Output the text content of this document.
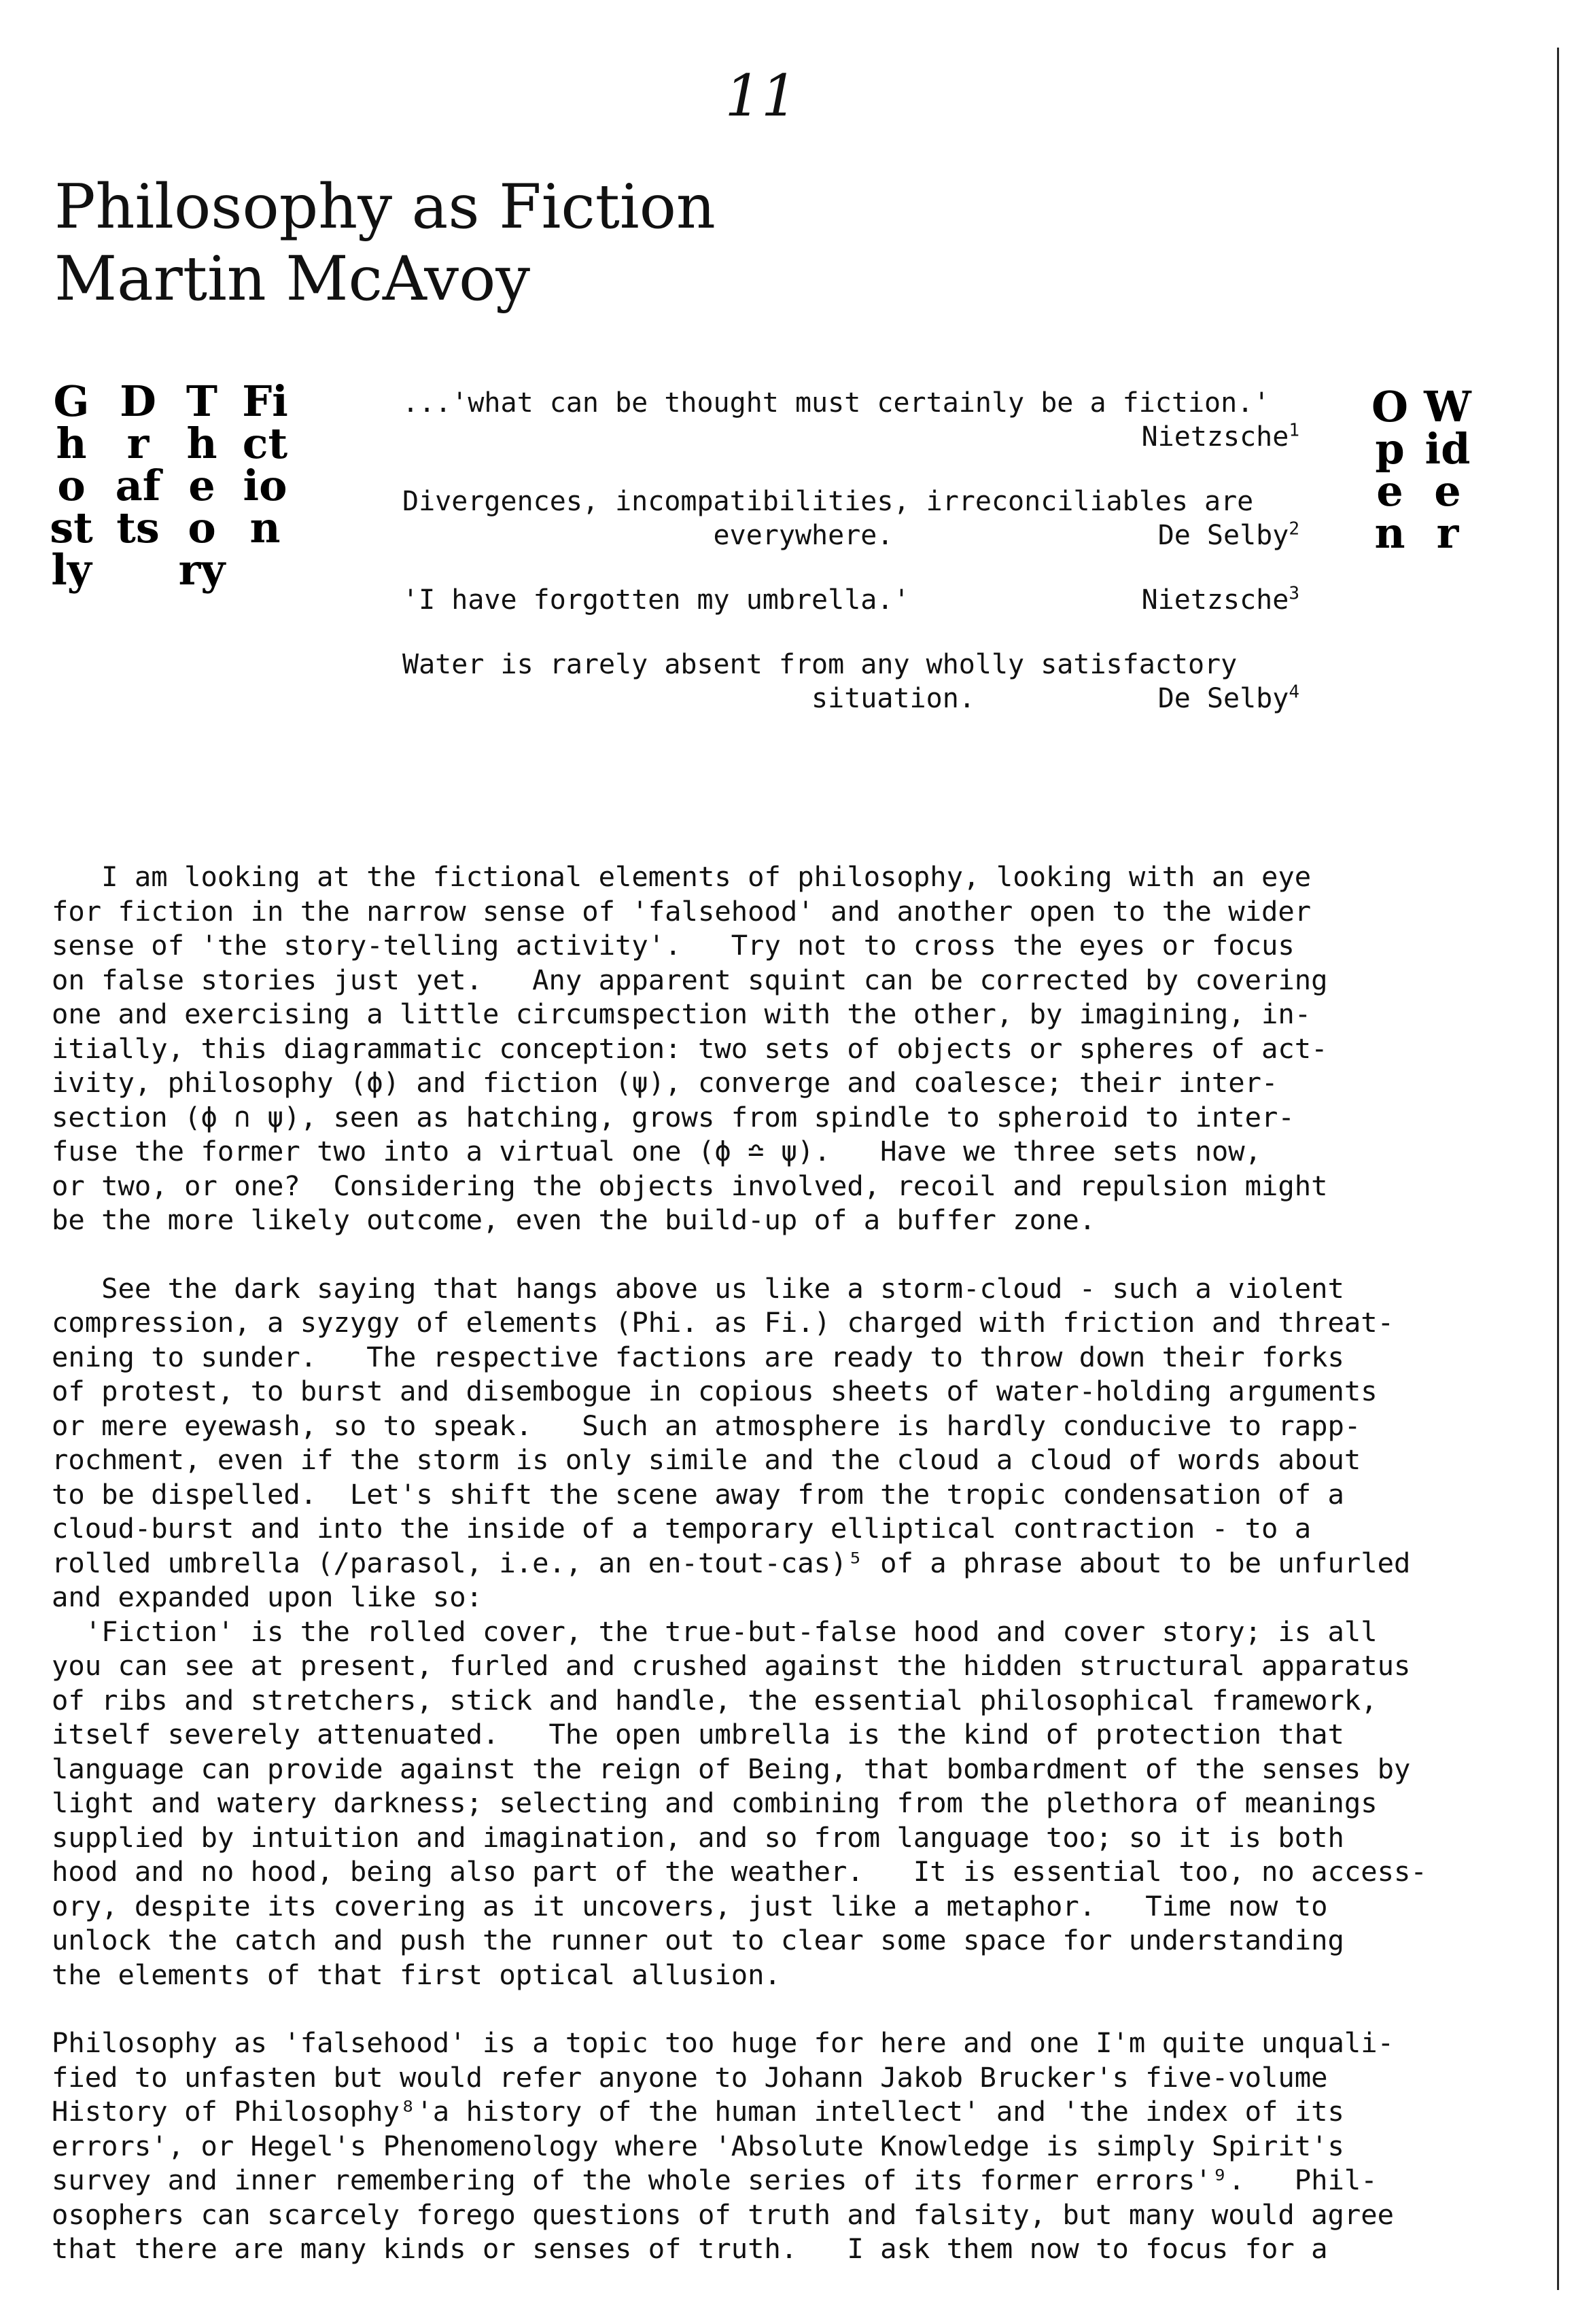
11
Philosophy as Fiction
Martin McAvoy
Ghostly
Drafts
Theory
Fiction
Open
Wider
...'what can be thought must certainly be a fiction.'
Nietzsche$^1$
Divergences, incompatibilities, irreconciliables are
everywhere.	De Selby$^2$
'I have forgotten my umbrella.'	Nietzsche$^3$
Water is rarely absent from any wholly satisfactory
situation.	De Selby$^4$
I am looking at the fictional elements of philosophy, looking with an eye
for fiction in the narrow sense of 'falsehood' and another open to the wider
sense of 'the story-telling activity'.   Try not to cross the eyes or focus
on false stories just yet.   Any apparent squint can be corrected by covering
one and exercising a little circumspection with the other, by imagining, in-
itially, this diagrammatic conception: two sets of objects or spheres of act-
ivity, philosophy (ϕ) and fiction (ψ), converge and coalesce; their inter-
section (ϕ ∩ ψ), seen as hatching, grows from spindle to spheroid to inter-
fuse the former two into a virtual one (ϕ ≏ ψ).   Have we three sets now,
or two, or one?  Considering the objects involved, recoil and repulsion might
be the more likely outcome, even the build-up of a buffer zone.
See the dark saying that hangs above us like a storm-cloud - such a violent
compression, a syzygy of elements (Phi. as Fi.) charged with friction and threat-
ening to sunder.   The respective factions are ready to throw down their forks
of protest, to burst and disembogue in copious sheets of water-holding arguments
or mere eyewash, so to speak.   Such an atmosphere is hardly conducive to rapp-
rochment, even if the storm is only simile and the cloud a cloud of words about
to be dispelled.  Let's shift the scene away from the tropic condensation of a
cloud-burst and into the inside of a temporary elliptical contraction - to a
rolled umbrella (/parasol, i.e., an en-tout-cas)⁵ of a phrase about to be unfurled
and expanded upon like so:
'Fiction' is the rolled cover, the true-but-false hood and cover story; is all
you can see at present, furled and crushed against the hidden structural apparatus
of ribs and stretchers, stick and handle, the essential philosophical framework,
itself severely attenuated.   The open umbrella is the kind of protection that
language can provide against the reign of Being, that bombardment of the senses by
light and watery darkness; selecting and combining from the plethora of meanings
supplied by intuition and imagination, and so from language too; so it is both
hood and no hood, being also part of the weather.   It is essential too, no access-
ory, despite its covering as it uncovers, just like a metaphor.   Time now to
unlock the catch and push the runner out to clear some space for understanding
the elements of that first optical allusion.
Philosophy as 'falsehood' is a topic too huge for here and one I'm quite unquali-
fied to unfasten but would refer anyone to Johann Jakob Brucker's five-volume
History of Philosophy⁸'a history of the human intellect' and 'the index of its
errors', or Hegel's Phenomenology where 'Absolute Knowledge is simply Spirit's
survey and inner remembering of the whole series of its former errors'⁹.   Phil-
osophers can scarcely forego questions of truth and falsity, but many would agree
that there are many kinds or senses of truth.   I ask them now to focus for a
